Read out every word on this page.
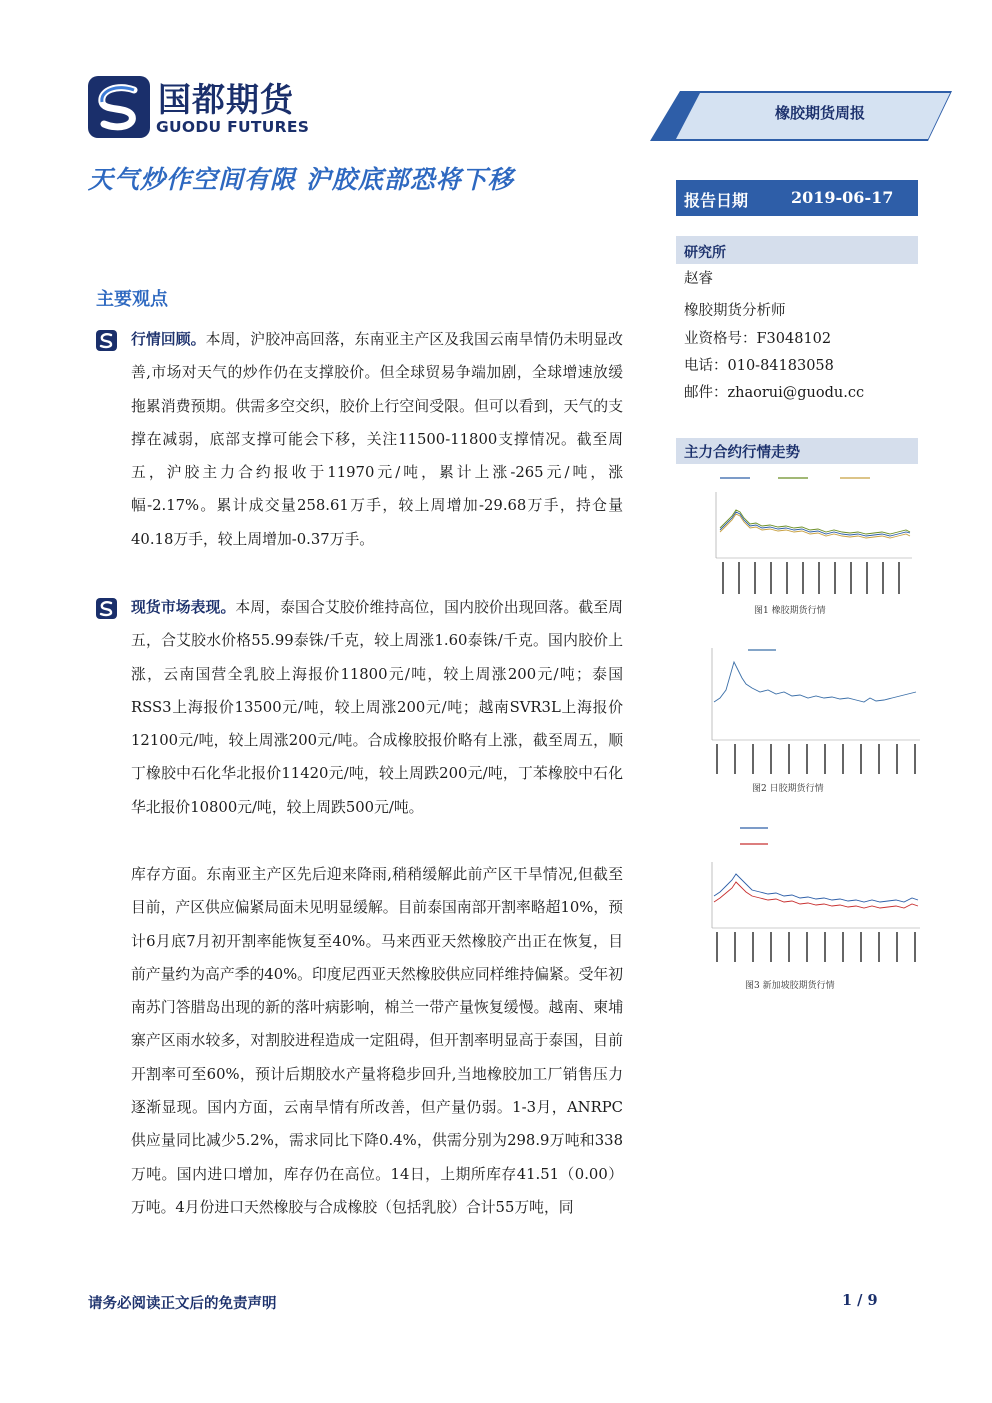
国都期货
GUODU FUTURES
橡胶期货周报
天气炒作空间有限 沪胶底部恐将下移
报告日期	2019-06-17
研究所
赵睿
橡胶期货分析师
业资格号：F3048102
电话：010-84183058
邮件：zhaorui@guodu.cc
主力合约行情走势
主要观点
行情回顾。本周，沪胶冲高回落，东南亚主产区及我国云南旱情仍未明显改善,市场对天气的炒作仍在支撑胶价。但全球贸易争端加剧，全球增速放缓拖累消费预期。供需多空交织，胶价上行空间受限。但可以看到，天气的支撑在减弱，底部支撑可能会下移，关注11500-11800支撑情况。截至周五，沪胶主力合约报收于11970元/吨，累计上涨-265元/吨，涨幅-2.17%。累计成交量258.61万手，较上周增加-29.68万手，持仓量40.18万手，较上周增加-0.37万手。
现货市场表现。本周，泰国合艾胶价维持高位，国内胶价出现回落。截至周五，合艾胶水价格55.99泰铢/千克，较上周涨1.60泰铢/千克。国内胶价上涨，云南国营全乳胶上海报价11800元/吨，较上周涨200元/吨；泰国RSS3上海报价13500元/吨，较上周涨200元/吨；越南SVR3L上海报价12100元/吨，较上周涨200元/吨。合成橡胶报价略有上涨，截至周五，顺丁橡胶中石化华北报价11420元/吨，较上周跌200元/吨，丁苯橡胶中石化华北报价10800元/吨，较上周跌500元/吨。
库存方面。东南亚主产区先后迎来降雨,稍稍缓解此前产区干旱情况,但截至目前，产区供应偏紧局面未见明显缓解。目前泰国南部开割率略超10%，预计6月底7月初开割率能恢复至40%。马来西亚天然橡胶产出正在恢复，目前产量约为高产季的40%。印度尼西亚天然橡胶供应同样维持偏紧。受年初南苏门答腊岛出现的新的落叶病影响，棉兰一带产量恢复缓慢。越南、柬埔寨产区雨水较多，对割胶进程造成一定阻碍，但开割率明显高于泰国，目前开割率可至60%，预计后期胶水产量将稳步回升,当地橡胶加工厂销售压力逐渐显现。国内方面，云南旱情有所改善，但产量仍弱。1-3月，ANRPC供应量同比减少5.2%，需求同比下降0.4%，供需分别为298.9万吨和338万吨。国内进口增加，库存仍在高位。14日，上期所库存41.51（0.00）万吨。4月份进口天然橡胶与合成橡胶（包括乳胶）合计55万吨，同
图1 橡胶期货行情
图2 日胶期货行情
图3 新加坡胶期货行情
请务必阅读正文后的免责声明	1 / 9
